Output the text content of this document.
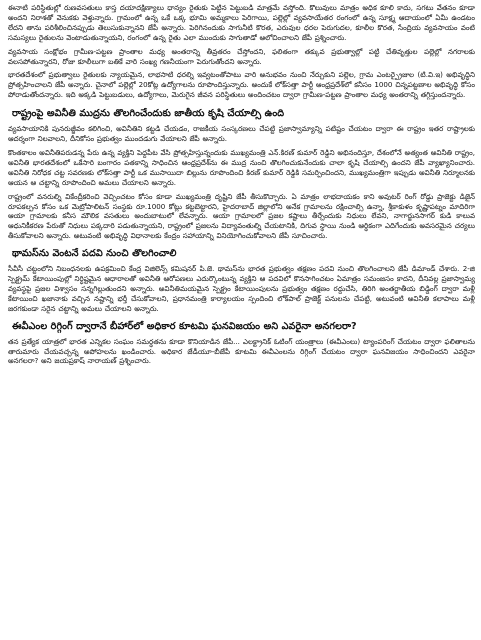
ఈనాటి పరిస్థితుల్లో రుణవసతులు కాస్త దయాదక్షిణ్యాలు ధాన్యం రైతుకు పెట్టిన పెట్టుబడి మాత్రమే వస్తోంది. కొలువులు మాత్రం అధిక కూలి కాదు, సగటు వేతనం కూడా అందని నిరాశతో వెనుకకు వెళ్తున్నారు. గ్రామంలో ఉన్న ఒకే ఒక్క భూమి అమ్మకాలు పెరిగాయి, పల్లెల్లో వ్యవసాయేతర రంగంలో ఉన్న సూక్ష్మ ఆదాయంలో ఏమీ ఉండటం లేదని తాను పరిశీలించినప్పుడు తెలుసుకున్నానని జేపీ అన్నారు. పెరిగినందుకు సాగునీటి కొరత, ఎరువుల ధరల పెరుగుదల, కూలీల కొరత, సేంద్రియ వ్యవసాయం వంటి సమస్యలు రైతులను వెంటాడుతున్నాయని, రంగంలో ఉన్న రైతు ఎలా ముందుకు సాగుతాడో ఆలోచించాలని జేపీ ప్రశ్నించారు.

వ్యవసాయ సంక్షోభం గ్రామీణ-పట్టణ ప్రాంతాల మధ్య అంతరాన్ని తీవ్రతరం చేస్తోందని, ఫలితంగా తక్కువ ప్రభుత్వాల్లో పట్టి చేతివృత్తుల పల్లెల్లో నగరాలకు వలసపోతున్నారని, రోజు కూలీలుగా బతికే వారి సంఖ్య గణనీయంగా పెరుగుతోందని అన్నారు.

భారతదేశంలో ప్రభుత్వాలు రైతులకు న్యాయమైన, లాభసాటి ధరల్ని ఇవ్వటంతోపాటు వారి అనుభవం నుంచి నేర్చుకుని పల్లెల, గ్రామ ఎంటర్ప్రైజుల (టి.వి.ఇ) అభివృద్ధిని ప్రోత్సహించాలని జేపీ అన్నారు. చైనాలో పల్లెల్లో 20కోట్ల ఉద్యోగాలను రూపొందిస్తున్నారు. అందుకే లోక్‌సత్తా పార్టీ ఆంధ్రప్రదేశ్‌లో కనీసం 1000 చిన్నపట్టణాల అభివృద్ధి కోసం పోరాడుతోందన్నారు. ఇది అక్కడి పెట్టుబడులు, ఉద్యోగాలు, మెరుగైన జీవన పరిస్థితులు అందించటం ద్వారా గ్రామీణ-పట్టణ ప్రాంతాల మధ్య అంతరాన్ని తగ్గిస్తుందన్నారు.

రాష్ట్రంపై అవినీతి ముద్రను తొలగించేందుకు జాతీయ కృషి చేయాల్సి ఉంది

వ్యవసాయానికి పునరుజ్జీవం కలిగించి, అవినీతిని కట్టడి చేయడం, రాజకీయ సంస్కరణలు చేపట్టి ప్రజాస్వామ్యాన్ని పటిష్టం చేయటం ద్వారా ఈ రాష్ట్రం ఇతర రాష్ట్రాలకు ఆదర్శంగా నిలవాలని, దీనికోసం ప్రభుత్వం ముందడుగు వేయాలని జేపీ అన్నారు.

కొంతకాలం అవినీతిపరుడన్న పేరు ఉన్న వ్యక్తిని పెద్దపీట వేసి ప్రోత్సహిస్తున్నందుకు ముఖ్యమంత్రి ఎన్.కిరణ్ కుమార్ రెడ్డిని అభినందిస్తూ, దేశంలోనే అత్యంత అవినీతి రాష్ట్రం, అవినీతి భారతదేశంలో ఒకేసారి బంగారం పతకాన్ని సాధించిన ఆంధ్రప్రదేశ్‌ను ఈ ముద్ర నుంచి తొలగించుకునేందుకు చాలా కృషి చేయాల్సి ఉందని జేపీ వ్యాఖ్యానించారు. అవినీతి నిరోధక చట్ట సవరణకు లోక్‌సత్తా పార్టీ ఒక ముసాయిదా బిల్లును రూపొందించి కిరణ్ కుమార్ రెడ్డికి సమర్పించిందని, ముఖ్యమంత్రిగా ఇప్పుడు అవినీతి నిర్మూలనకు ఆయన ఆ చట్టాన్ని రూపొందించి అమలు చేయాలని అన్నారు.

రాష్ట్రంలో వనరుల్ని వికేంద్రీకరించి వెచ్చించటం కోసం కూడా ముఖ్యమంత్రి దృష్టిని జేపీ తీసుకొచ్చారు. ఏ మాత్రం లాభదాయకం కాని అవుటర్ రింగ్ రోడ్డు ప్రాజెక్టు డిజైన్ రూపకల్పన కోసం ఒక మెట్రోపాలిటన్ సంస్థకు రూ.1000 కోట్లు కట్టబెట్టారని, హైదరాబాద్ జిల్లాలోని అనేక గ్రామాలను రక్షించాల్సి ఉన్నా, శ్రీకాకుళం కృష్ణాపట్నం మాదిరిగా ఆయా గ్రామాలకు కనీస మౌలిక వసతులు అందుబాటులో లేవన్నారు. ఆయా గ్రామాలలో ప్రజల కష్టాలు తీర్చేందుకు నిధులు లేవని, నాగార్జునసాగర్ కుడి కాలువ ఆధునికీకరణ పేరుతో నిధులు పక్కదారి పడుతున్నాయని, రాష్ట్రంలో ప్రజలను విద్యావంతుల్ని చేయటానికి, దిగువ స్థాయి నుండి ఆర్థికంగా ఎదిగేందుకు అవసరమైన చర్యలు తీసుకోవాలని అన్నారు. అటువంటి అభివృద్ధి విధానాలకు కేంద్రం సహాయాన్ని వినియోగించుకోవాలని జేపీ సూచించారు.

థామస్‌ను వెంటనే పదవి నుంచి తొలగించాలి

సీవీసీ చట్టంలోని నిబంధనలకు ఉపక్రమించి కేంద్ర విజిలెన్స్ కమిషనర్ పి.జె. థామస్‌ను భారత ప్రభుత్వం తక్షణం పదవి నుంచి తొలగించాలని జేపీ డిమాండ్ చేశారు. 2-జి స్పెక్ట్రమ్ కేటాయింపుల్లో నిర్ధిష్టమైన ఆధారాలతో అవినీతి ఆరోపణలు ఎదుర్కొంటున్న వ్యక్తిని ఆ పదవిలో కొనసాగించటం ఏమాత్రం సమంజసం కాదని, దీనివల్ల ప్రజాస్వామ్య వ్యవస్థపై ప్రజల విశ్వాసం సన్నగిల్లుతుందని అన్నారు. అవినీతిమయమైన స్పెక్ట్రం కేటాయింపులను ప్రభుత్వం తక్షణం రద్దుచేసి, తిరిగి అంతర్జాతీయ బిడ్డింగ్ ద్వారా మళ్లీ కేటాయించి ఖజానాకు వచ్చిన నష్టాన్ని భర్తీ చేసుకోవాలని, ప్రధానమంత్రి కార్యాలయం స్పందించి లోక్‌పాల్ ప్రాజెక్ట్ పనులను చేపట్టి, అటువంటి అవినీతి కలాపాలు మళ్లీ జరగకుండా సరైన చట్టాన్ని అమలు చేయాలని అన్నారు.

ఈవీఎంల రిగ్గింగ్ ద్వారానే బీహార్‌లో అధికార కూటమి ఘనవిజయం అని ఎవరైనా అనగలరా?

తన ప్రత్యేక యాత్రలో భారత ఎన్నికల సంఘం సమర్థతను కూడా కొనియాడిన జేపీ... ఎలక్ట్రానిక్ ఓటింగ్ యంత్రాలు (ఈవీఎంలు) ట్యాంపరింగ్ చేయటం ద్వారా ఫలితాలను తారుమారు చేయవచ్చన్న అపోహలను ఖండించారు. అధికార జేడీయూ-బీజేపీ కూటమి ఈవీఎంలను రిగ్గింగ్ చేయటం ద్వారా ఘనవిజయం సాధించిందని ఎవరైనా అనగలరా? అని జయప్రకాష్ నారాయణ్ ప్రశ్నించారు.
